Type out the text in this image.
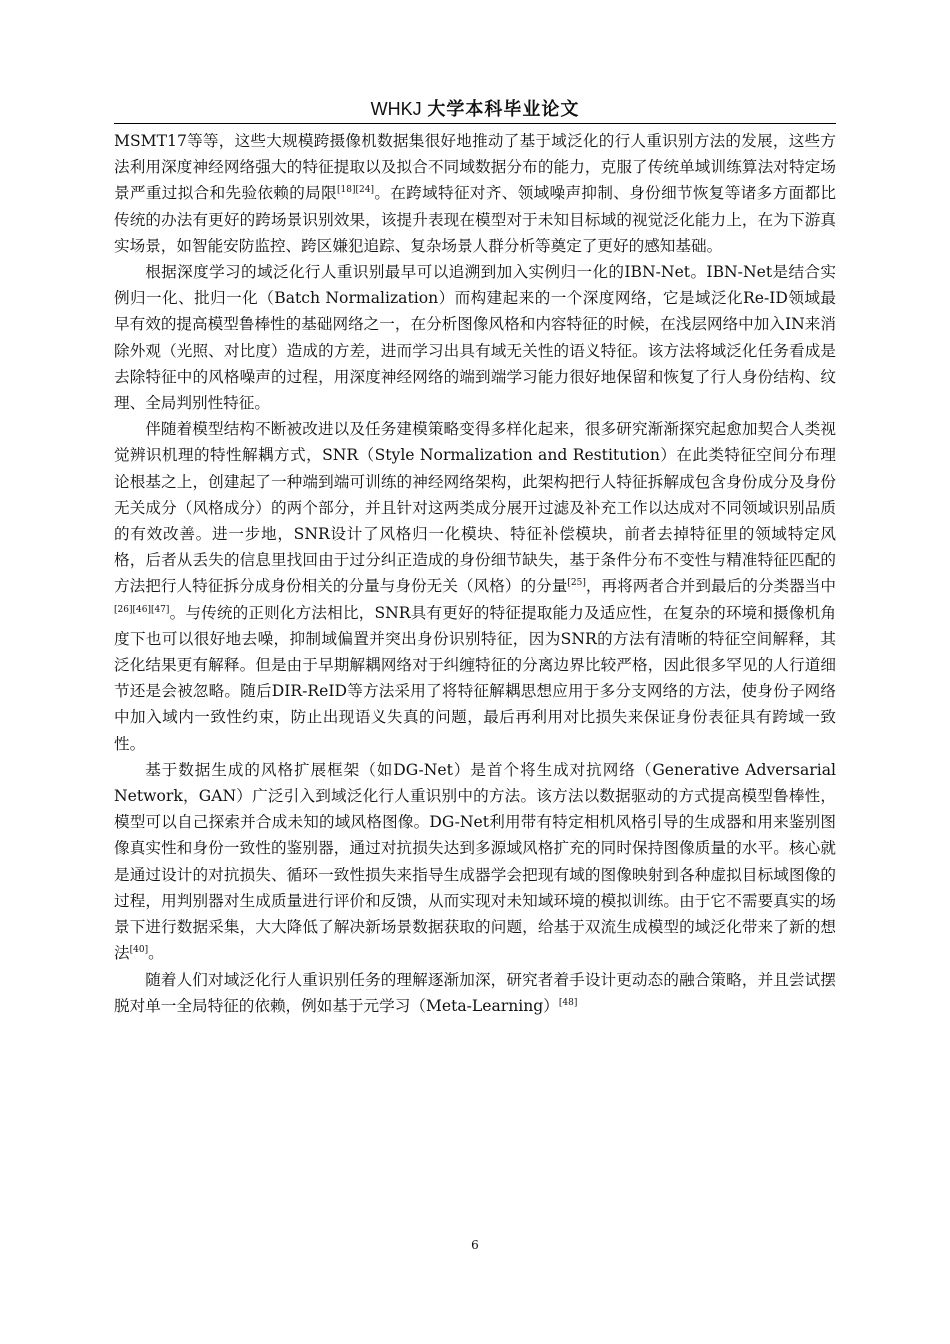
WHKJ 大学本科毕业论文

MSMT17等等，这些大规模跨摄像机数据集很好地推动了基于域泛化的行人重识别方法的发展，这些方法利用深度神经网络强大的特征提取以及拟合不同域数据分布的能力，克服了传统单域训练算法对特定场景严重过拟合和先验依赖的局限[18][24]。在跨域特征对齐、领域噪声抑制、身份细节恢复等诸多方面都比传统的办法有更好的跨场景识别效果，该提升表现在模型对于未知目标域的视觉泛化能力上，在为下游真实场景，如智能安防监控、跨区嫌犯追踪、复杂场景人群分析等奠定了更好的感知基础。

根据深度学习的域泛化行人重识别最早可以追溯到加入实例归一化的IBN-Net。IBN-Net是结合实例归一化、批归一化（Batch Normalization）而构建起来的一个深度网络，它是域泛化Re-ID领域最早有效的提高模型鲁棒性的基础网络之一，在分析图像风格和内容特征的时候，在浅层网络中加入IN来消除外观（光照、对比度）造成的方差，进而学习出具有域无关性的语义特征。该方法将域泛化任务看成是去除特征中的风格噪声的过程，用深度神经网络的端到端学习能力很好地保留和恢复了行人身份结构、纹理、全局判别性特征。

伴随着模型结构不断被改进以及任务建模策略变得多样化起来，很多研究渐渐探究起愈加契合人类视觉辨识机理的特性解耦方式，SNR（Style Normalization and Restitution）在此类特征空间分布理论根基之上，创建起了一种端到端可训练的神经网络架构，此架构把行人特征拆解成包含身份成分及身份无关成分（风格成分）的两个部分，并且针对这两类成分展开过滤及补充工作以达成对不同领域识别品质的有效改善。进一步地，SNR设计了风格归一化模块、特征补偿模块，前者去掉特征里的领域特定风格，后者从丢失的信息里找回由于过分纠正造成的身份细节缺失，基于条件分布不变性与精准特征匹配的方法把行人特征拆分成身份相关的分量与身份无关（风格）的分量[25]，再将两者合并到最后的分类器当中[26][46][47]。与传统的正则化方法相比，SNR具有更好的特征提取能力及适应性，在复杂的环境和摄像机角度下也可以很好地去噪，抑制域偏置并突出身份识别特征，因为SNR的方法有清晰的特征空间解释，其泛化结果更有解释。但是由于早期解耦网络对于纠缠特征的分离边界比较严格，因此很多罕见的人行道细节还是会被忽略。随后DIR-ReID等方法采用了将特征解耦思想应用于多分支网络的方法，使身份子网络中加入域内一致性约束，防止出现语义失真的问题，最后再利用对比损失来保证身份表征具有跨域一致性。

基于数据生成的风格扩展框架（如DG-Net）是首个将生成对抗网络（Generative Adversarial Network，GAN）广泛引入到域泛化行人重识别中的方法。该方法以数据驱动的方式提高模型鲁棒性，模型可以自己探索并合成未知的域风格图像。DG-Net利用带有特定相机风格引导的生成器和用来鉴别图像真实性和身份一致性的鉴别器，通过对抗损失达到多源域风格扩充的同时保持图像质量的水平。核心就是通过设计的对抗损失、循环一致性损失来指导生成器学会把现有域的图像映射到各种虚拟目标域图像的过程，用判别器对生成质量进行评价和反馈，从而实现对未知域环境的模拟训练。由于它不需要真实的场景下进行数据采集，大大降低了解决新场景数据获取的问题，给基于双流生成模型的域泛化带来了新的想法[40]。

随着人们对域泛化行人重识别任务的理解逐渐加深，研究者着手设计更动态的融合策略，并且尝试摆脱对单一全局特征的依赖，例如基于元学习（Meta-Learning）[48]

6
